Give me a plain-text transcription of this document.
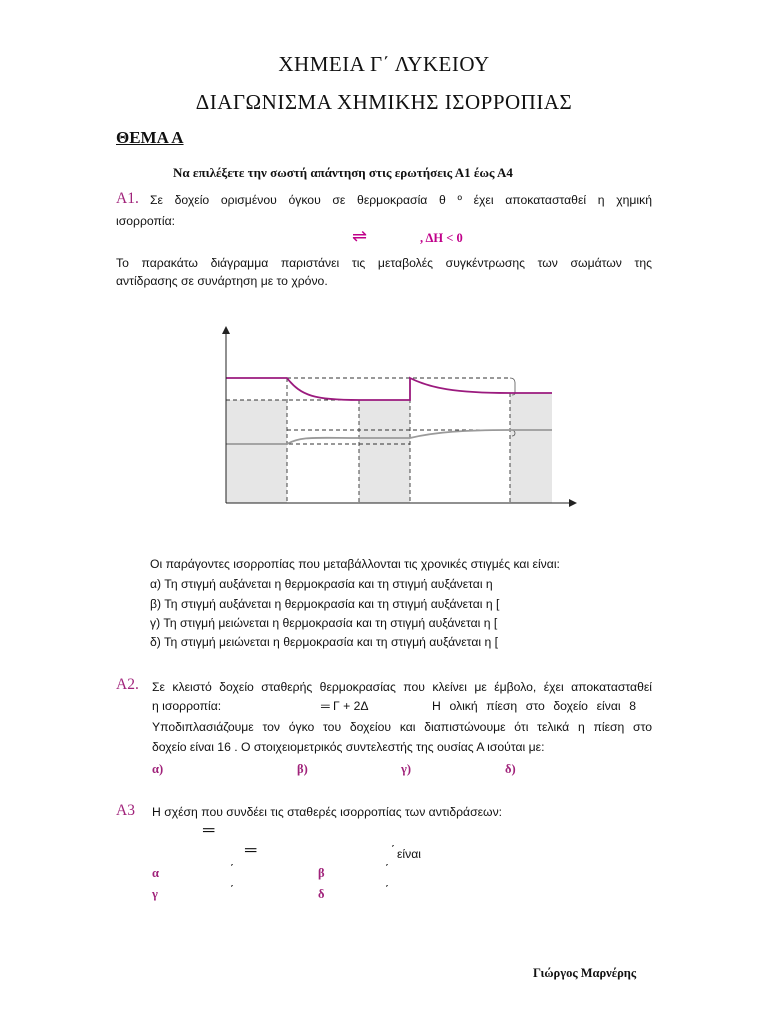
ΧΗΜΕΙΑ Γ΄ ΛΥΚΕΙΟΥ
ΔΙΑΓΩΝΙΣΜΑ ΧΗΜΙΚΗΣ ΙΣΟΡΡΟΠΙΑΣ
ΘΕΜΑ Α
Να επιλέξετε την σωστή απάντηση στις ερωτήσεις Α1 έως Α4
Α1. Σε δοχείο ορισμένου όγκου σε θερμοκρασία θ º έχει αποκατασταθεί η χημική
ισορροπία:
⇌	, ΔΗ < 0
Το παρακάτω διάγραμμα παριστάνει τις μεταβολές συγκέντρωσης των σωμάτων της
αντίδρασης σε συνάρτηση με το χρόνο.
Οι παράγοντες ισορροπίας που μεταβάλλονται τις χρονικές στιγμές και είναι:
α) Τη στιγμή αυξάνεται η θερμοκρασία και τη στιγμή αυξάνεται η
β) Τη στιγμή αυξάνεται η θερμοκρασία και τη στιγμή αυξάνεται η [
γ) Τη στιγμή μειώνεται η θερμοκρασία και τη στιγμή αυξάνεται η [
δ) Τη στιγμή μειώνεται η θερμοκρασία και τη στιγμή αυξάνεται η [
Α2. Σε κλειστό δοχείο σταθερής θερμοκρασίας που κλείνει με έμβολο, έχει αποκατασταθεί
η ισορροπία:	═ Γ + 2Δ	Η ολική πίεση στο δοχείο είναι 8
Υποδιπλασιάζουμε τον όγκο του δοχείου και διαπιστώνουμε ότι τελικά η πίεση στο
δοχείο είναι 16 . Ο στοιχειομετρικός συντελεστής της ουσίας Α ισούται με:
α)	β)	γ)	δ)
Α3 Η σχέση που συνδέει τις σταθερές ισορροπίας των αντιδράσεων:
═
═	΄ είναι
α	΄	β	΄
γ	΄	δ	΄
Γιώργος Μαρνέρης
